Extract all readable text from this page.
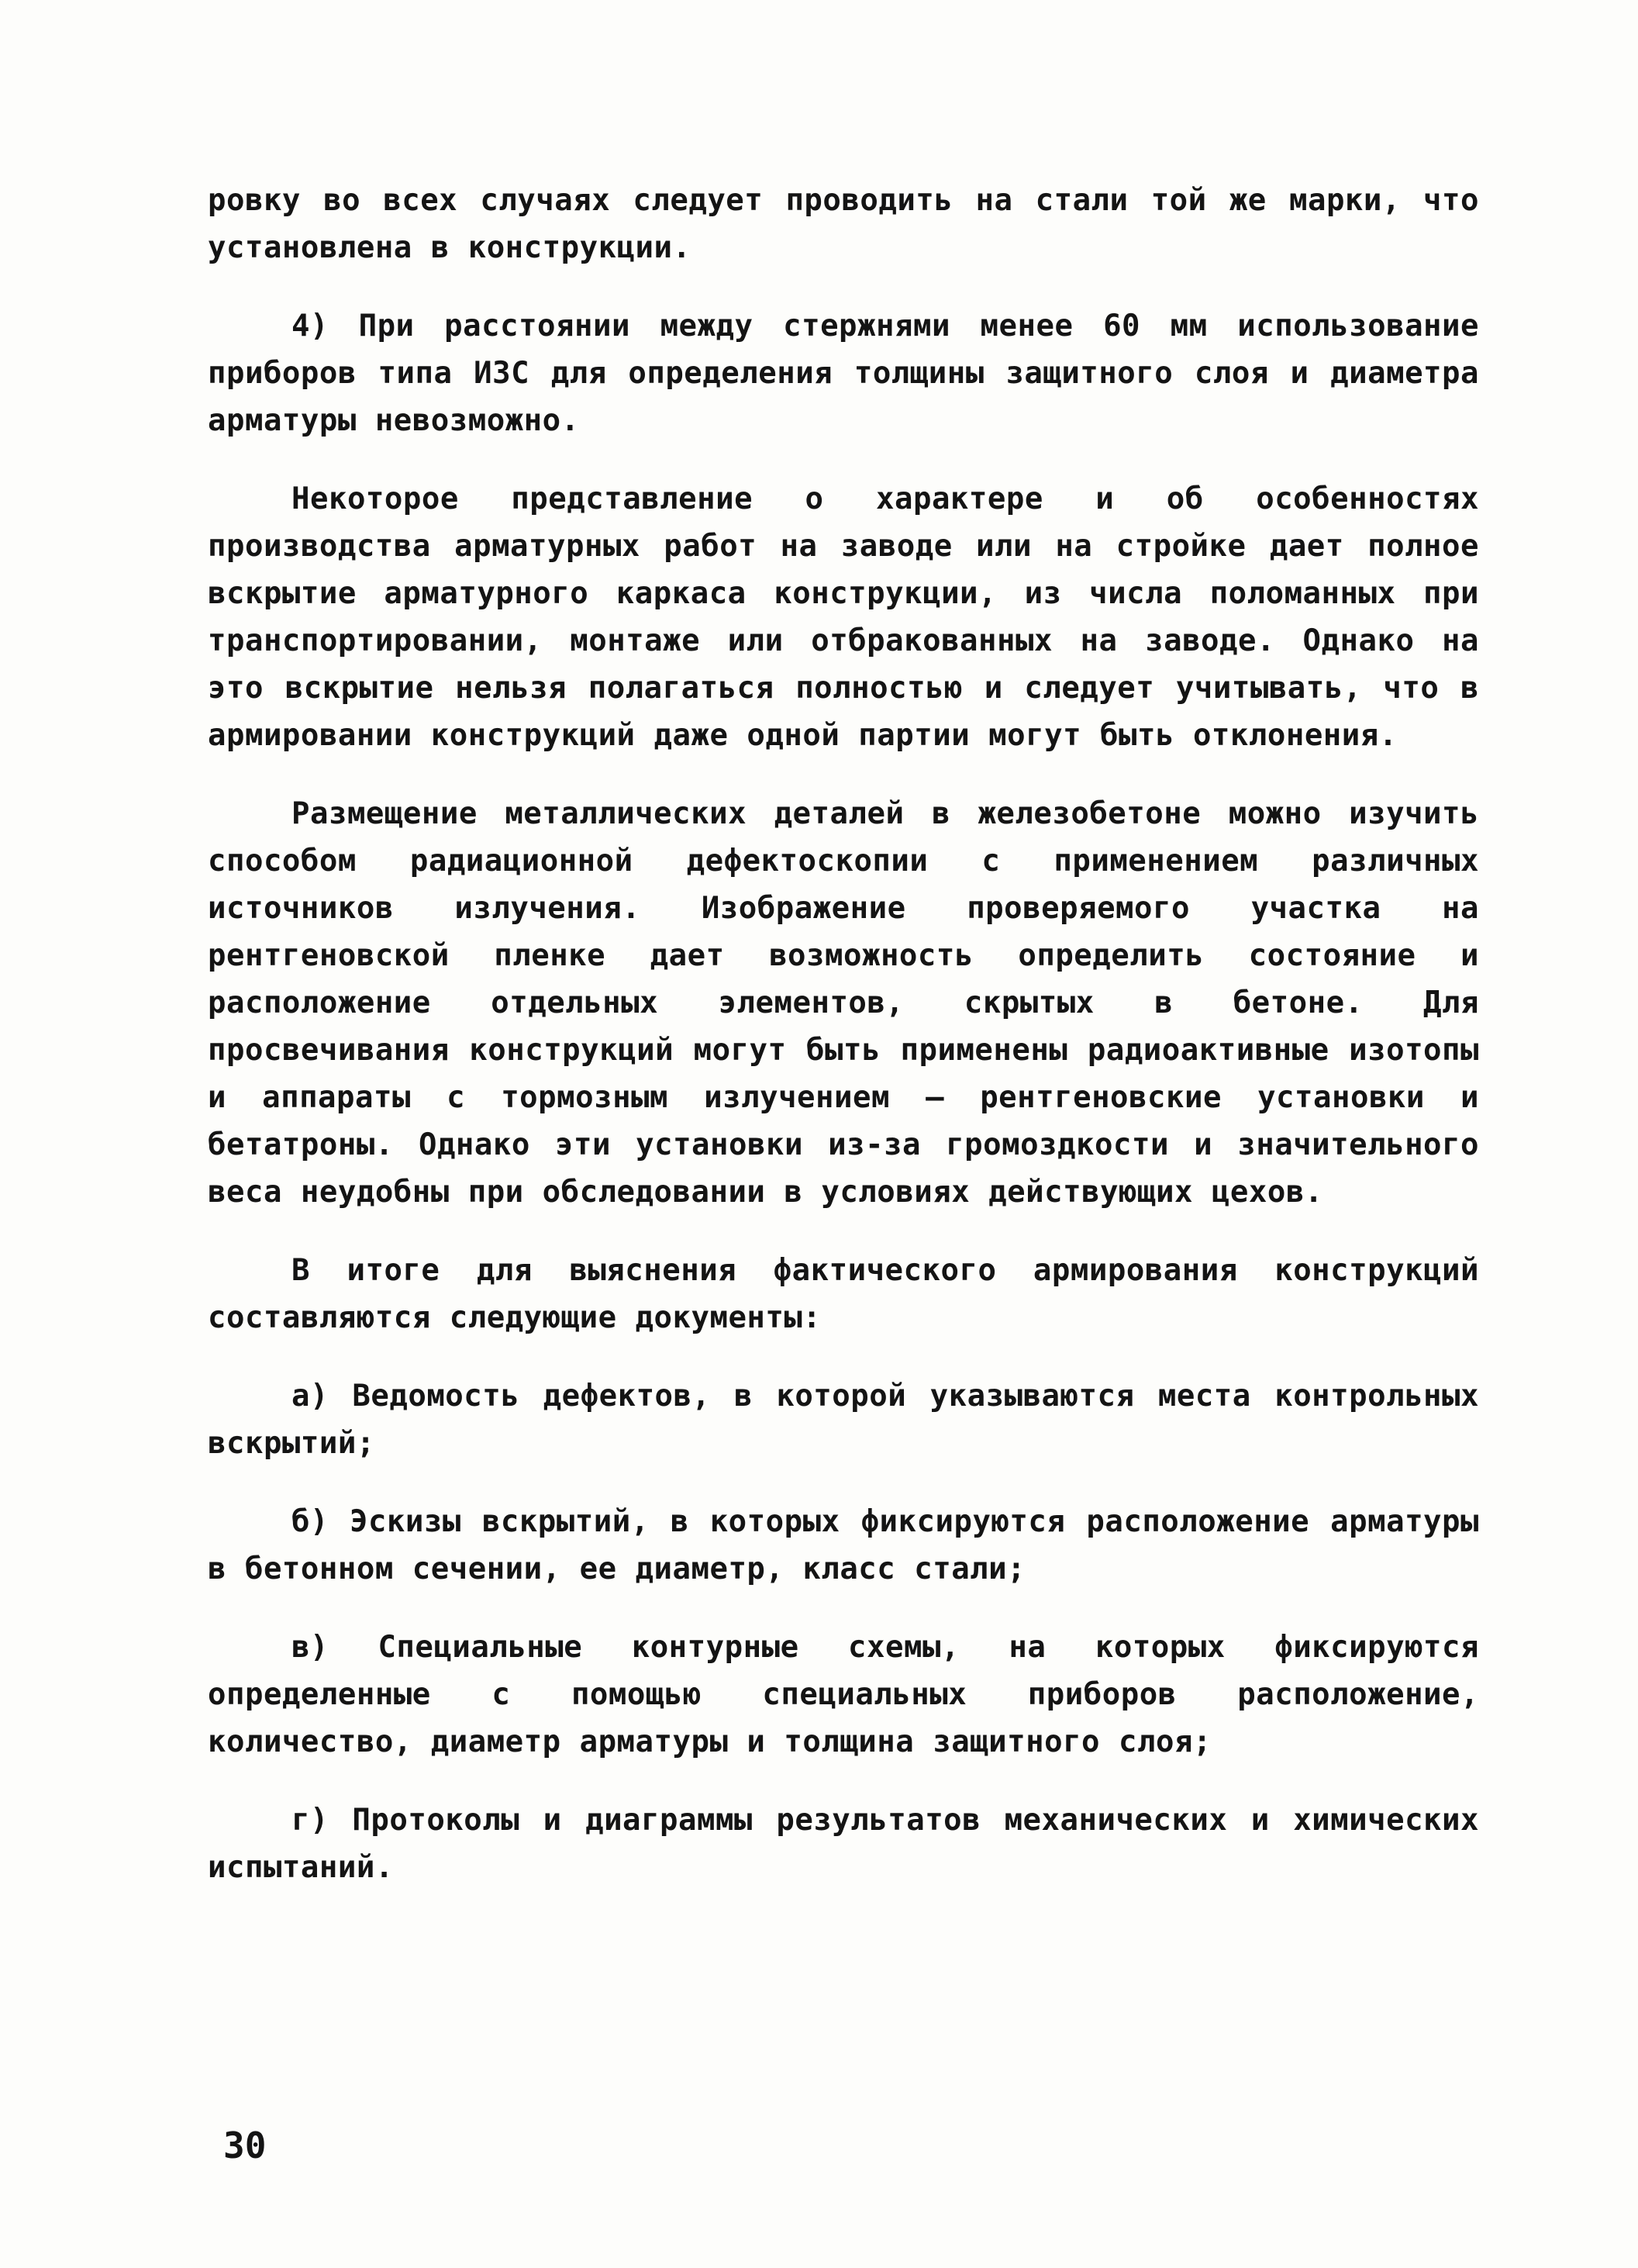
ровку во всех случаях следует проводить на стали той же марки, что установлена в конструкции.

4) При расстоянии между стержнями менее 60 мм использование приборов типа ИЗС для определения толщины защитного слоя и диаметра арматуры невозможно.

Некоторое представление о характере и об особенностях производства арматурных работ на заводе или на стройке дает полное вскрытие арматурного каркаса конструкции, из числа поломанных при транспортировании, монтаже или отбракованных на заводе. Однако на это вскрытие нельзя полагаться полностью и следует учитывать, что в армировании конструкций даже одной партии могут быть отклонения.

Размещение металлических деталей в железобетоне можно изучить способом радиационной дефектоскопии с применением различных источников излучения. Изображение проверяемого участка на рентгеновской пленке дает возможность определить состояние и расположение отдельных элементов, скрытых в бетоне. Для просвечивания конструкций могут быть применены радиоактивные изотопы и аппараты с тормозным излучением – рентгеновские установки и бетатроны. Однако эти установки из-за громоздкости и значительного веса неудобны при обследовании в условиях действующих цехов.

В итоге для выяснения фактического армирования конструкций составляются следующие документы:

а) Ведомость дефектов, в которой указываются места контрольных вскрытий;

б) Эскизы вскрытий, в которых фиксируются расположение арматуры в бетонном сечении, ее диаметр, класс стали;

в) Специальные контурные схемы, на которых фиксируются определенные с помощью специальных приборов расположение, количество, диаметр арматуры и толщина защитного слоя;

г) Протоколы и диаграммы результатов механических и химических испытаний.

30
